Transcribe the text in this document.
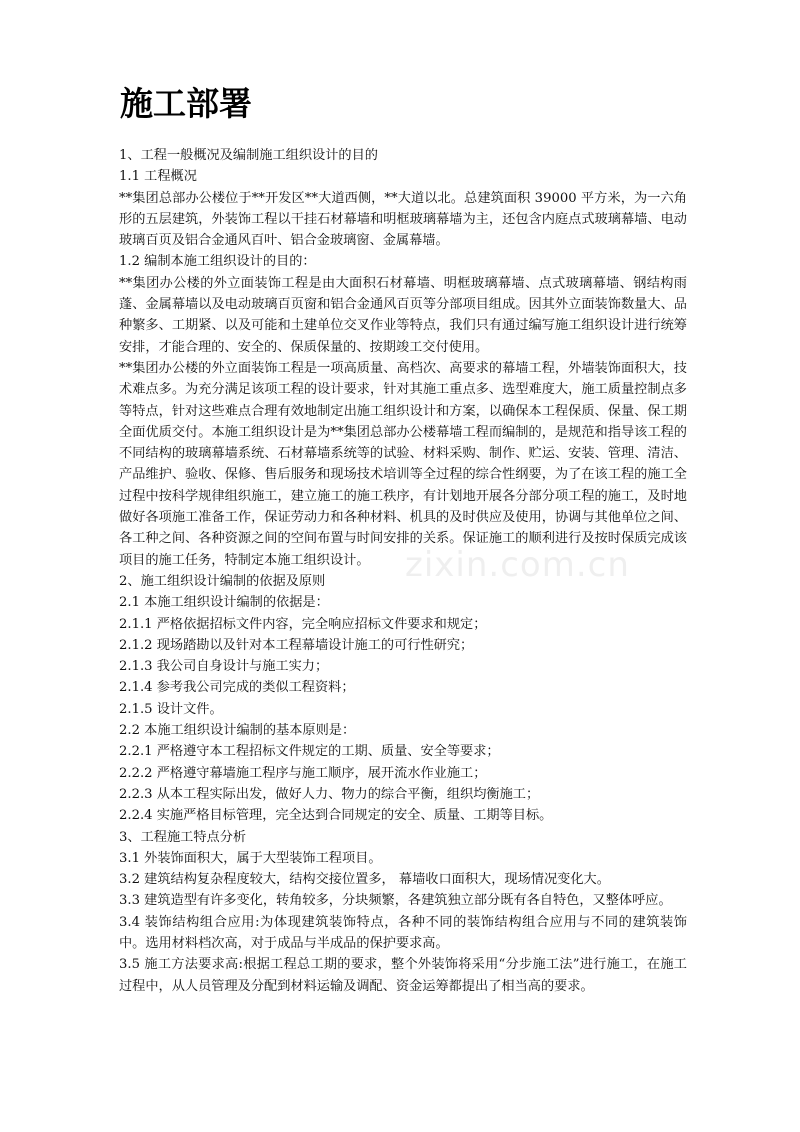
施工部署
zixin.com.cn

1、工程一般概况及编制施工组织设计的目的

1.1 工程概况

**集团总部办公楼位于**开发区**大道西侧，**大道以北。总建筑面积 39000 平方米，为一六角形的五层建筑，外装饰工程以干挂石材幕墙和明框玻璃幕墙为主，还包含内庭点式玻璃幕墙、电动玻璃百页及铝合金通风百叶、铝合金玻璃窗、金属幕墙。

1.2 编制本施工组织设计的目的：

**集团办公楼的外立面装饰工程是由大面积石材幕墙、明框玻璃幕墙、点式玻璃幕墙、钢结构雨蓬、金属幕墙以及电动玻璃百页窗和铝合金通风百页等分部项目组成。因其外立面装饰数量大、品种繁多、工期紧、以及可能和土建单位交叉作业等特点，我们只有通过编写施工组织设计进行统筹安排，才能合理的、安全的、保质保量的、按期竣工交付使用。

**集团办公楼的外立面装饰工程是一项高质量、高档次、高要求的幕墙工程，外墙装饰面积大，技术难点多。为充分满足该项工程的设计要求，针对其施工重点多、选型难度大，施工质量控制点多等特点，针对这些难点合理有效地制定出施工组织设计和方案，以确保本工程保质、保量、保工期全面优质交付。本施工组织设计是为**集团总部办公楼幕墙工程而编制的，是规范和指导该工程的不同结构的玻璃幕墙系统、石材幕墙系统等的试验、材料采购、制作、贮运、安装、管理、清洁、产品维护、验收、保修、售后服务和现场技术培训等全过程的综合性纲要，为了在该工程的施工全过程中按科学规律组织施工，建立施工的施工秩序，有计划地开展各分部分项工程的施工，及时地做好各项施工准备工作，保证劳动力和各种材料、机具的及时供应及使用，协调与其他单位之间、各工种之间、各种资源之间的空间布置与时间安排的关系。保证施工的顺利进行及按时保质完成该项目的施工任务，特制定本施工组织设计。

2、施工组织设计编制的依据及原则

2.1 本施工组织设计编制的依据是：

2.1.1 严格依据招标文件内容，完全响应招标文件要求和规定；

2.1.2 现场踏勘以及针对本工程幕墙设计施工的可行性研究；

2.1.3 我公司自身设计与施工实力；

2.1.4 参考我公司完成的类似工程资料；

2.1.5 设计文件。

2.2 本施工组织设计编制的基本原则是：

2.2.1 严格遵守本工程招标文件规定的工期、质量、安全等要求；

2.2.2 严格遵守幕墙施工程序与施工顺序，展开流水作业施工；

2.2.3 从本工程实际出发，做好人力、物力的综合平衡，组织均衡施工；

2.2.4 实施严格目标管理，完全达到合同规定的安全、质量、工期等目标。

3、工程施工特点分析

3.1 外装饰面积大，属于大型装饰工程项目。

3.2 建筑结构复杂程度较大，结构交接位置多， 幕墙收口面积大，现场情况变化大。

3.3 建筑造型有许多变化，转角较多，分块频繁，各建筑独立部分既有各自特色，又整体呼应。

3.4 装饰结构组合应用:为体现建筑装饰特点，各种不同的装饰结构组合应用与不同的建筑装饰中。选用材料档次高，对于成品与半成品的保护要求高。

3.5 施工方法要求高:根据工程总工期的要求，整个外装饰将采用“分步施工法”进行施工，在施工过程中，从人员管理及分配到材料运输及调配、资金运筹都提出了相当高的要求。
